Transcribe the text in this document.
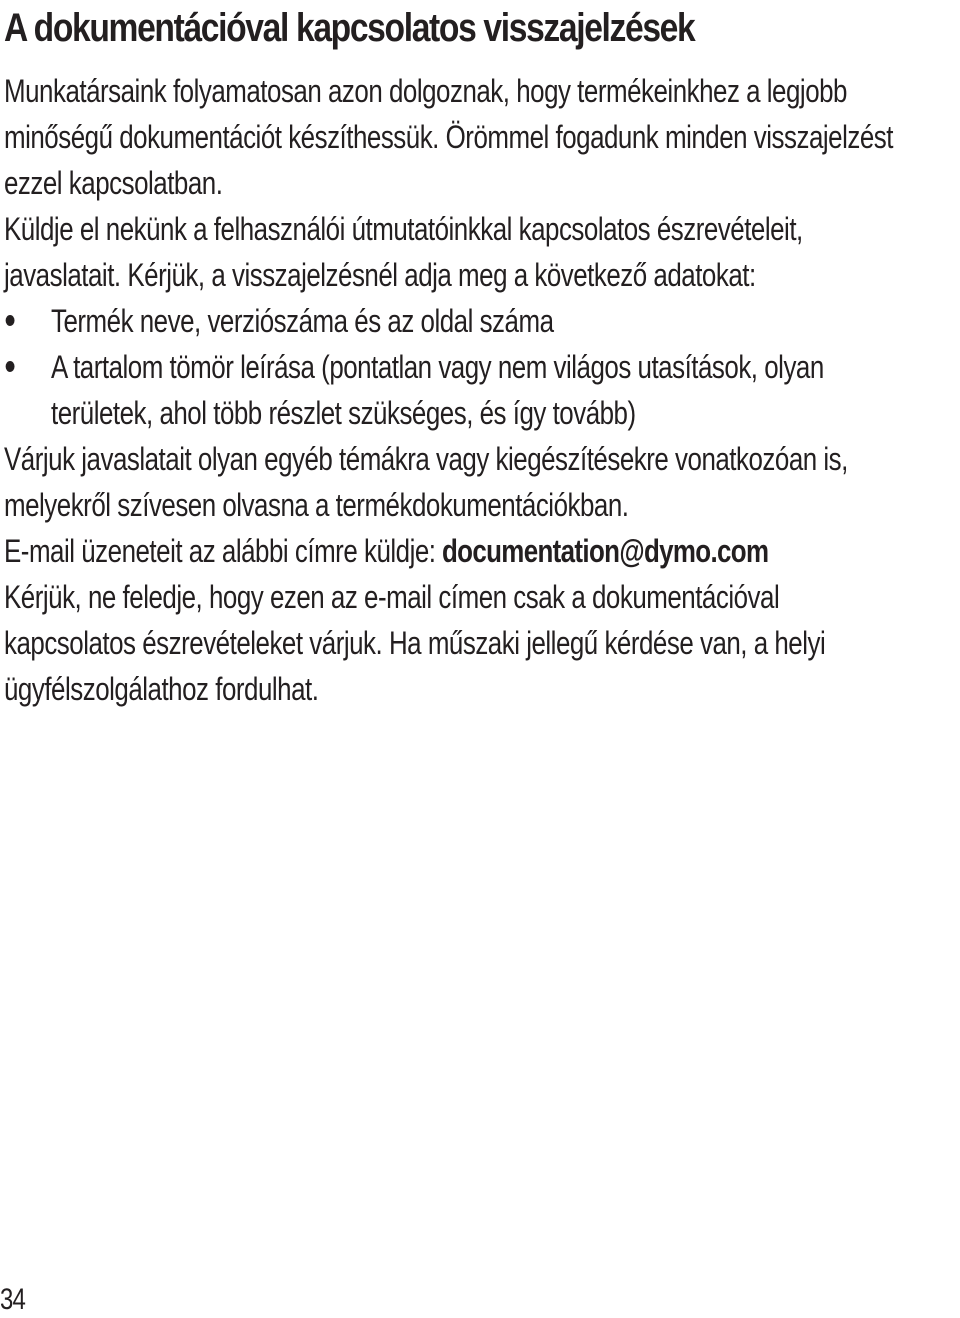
A dokumentációval kapcsolatos visszajelzések

Munkatársaink folyamatosan azon dolgoznak, hogy termékeinkhez a legjobb
minőségű dokumentációt készíthessük. Örömmel fogadunk minden visszajelzést
ezzel kapcsolatban.

Küldje el nekünk a felhasználói útmutatóinkkal kapcsolatos észrevételeit,
javaslatait. Kérjük, a visszajelzésnél adja meg a következő adatokat:

Termék neve, verziószáma és az oldal száma
A tartalom tömör leírása (pontatlan vagy nem világos utasítások, olyan
területek, ahol több részlet szükséges, és így tovább)

Várjuk javaslatait olyan egyéb témákra vagy kiegészítésekre vonatkozóan is,
melyekről szívesen olvasna a termékdokumentációkban.

E-mail üzeneteit az alábbi címre küldje: documentation@dymo.com

Kérjük, ne feledje, hogy ezen az e-mail címen csak a dokumentációval
kapcsolatos észrevételeket várjuk. Ha műszaki jellegű kérdése van, a helyi
ügyfélszolgálathoz fordulhat.

34
